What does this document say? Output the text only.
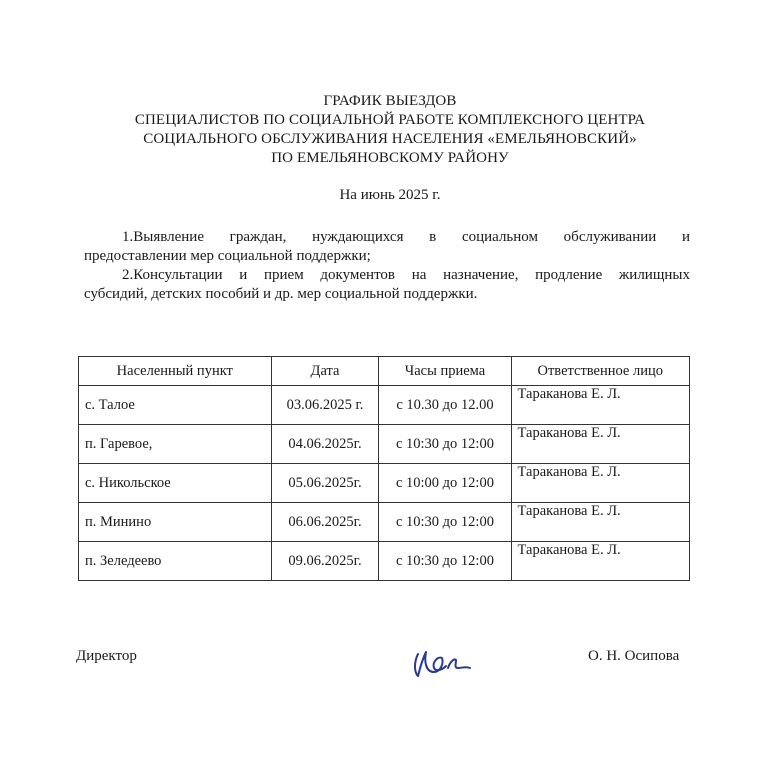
ГРАФИК ВЫЕЗДОВ
СПЕЦИАЛИСТОВ ПО СОЦИАЛЬНОЙ РАБОТЕ КОМПЛЕКСНОГО ЦЕНТРА
СОЦИАЛЬНОГО ОБСЛУЖИВАНИЯ НАСЕЛЕНИЯ «ЕМЕЛЬЯНОВСКИЙ»
ПО ЕМЕЛЬЯНОВСКОМУ РАЙОНУ
На июнь 2025 г.
1.Выявление граждан, нуждающихся в социальном обслуживании и
предоставлении мер социальной поддержки;
2.Консультации и прием документов на назначение, продление жилищных
субсидий, детских пособий и др. мер социальной поддержки.
Населенный пункт	Дата	Часы приема	Ответственное лицо
с. Талое	03.06.2025 г.	с 10.30 до 12.00	Тараканова Е. Л.
п. Гаревое,	04.06.2025г.	с 10:30 до 12:00	Тараканова Е. Л.
с. Никольское	05.06.2025г.	с 10:00 до 12:00	Тараканова Е. Л.
п. Минино	06.06.2025г.	с 10:30 до 12:00	Тараканова Е. Л.
п. Зеледеево	09.06.2025г.	с 10:30 до 12:00	Тараканова Е. Л.
Директор	О. Н. Осипова
